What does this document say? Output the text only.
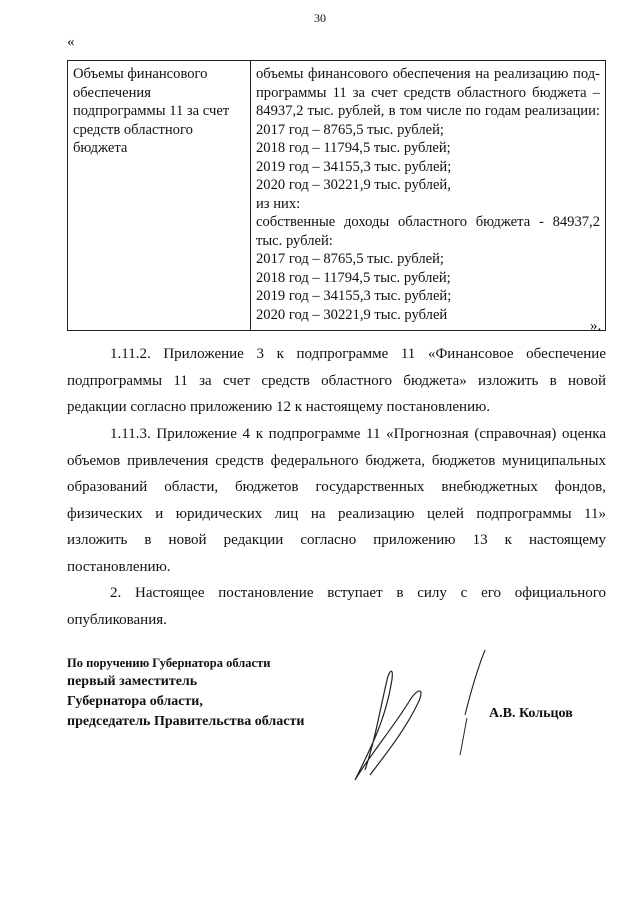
30
«
Объемы финансового
обеспечения
подпрограммы 11 за счет
средств областного
бюджета

объемы финансового обеспечения на реализацию под-
программы 11 за счет средств областного бюджета –
84937,2 тыс. рублей, в том числе по годам реализации:
2017 год – 8765,5 тыс. рублей;
2018 год – 11794,5 тыс. рублей;
2019 год – 34155,3 тыс. рублей;
2020 год – 30221,9 тыс. рублей,
из них:
собственные доходы областного бюджета - 84937,2
тыс. рублей:
2017 год – 8765,5 тыс. рублей;
2018 год – 11794,5 тыс. рублей;
2019 год – 34155,3 тыс. рублей;
2020 год – 30221,9 тыс. рублей
».
1.11.2. Приложение 3 к подпрограмме 11 «Финансовое обеспечение
подпрограммы 11 за счет средств областного бюджета» изложить в новой
редакции согласно приложению 12 к настоящему постановлению.
1.11.3. Приложение 4 к подпрограмме 11 «Прогнозная (справочная) оценка
объемов привлечения средств федерального бюджета, бюджетов муниципальных
образований области, бюджетов государственных внебюджетных фондов,
физических и юридических лиц на реализацию целей подпрограммы 11»
изложить в новой редакции согласно приложению 13 к настоящему
постановлению.
2. Настоящее постановление вступает в силу с его официального
опубликования.
По поручению Губернатора области
первый заместитель
Губернатора области,
председатель Правительства области
А.В. Кольцов
